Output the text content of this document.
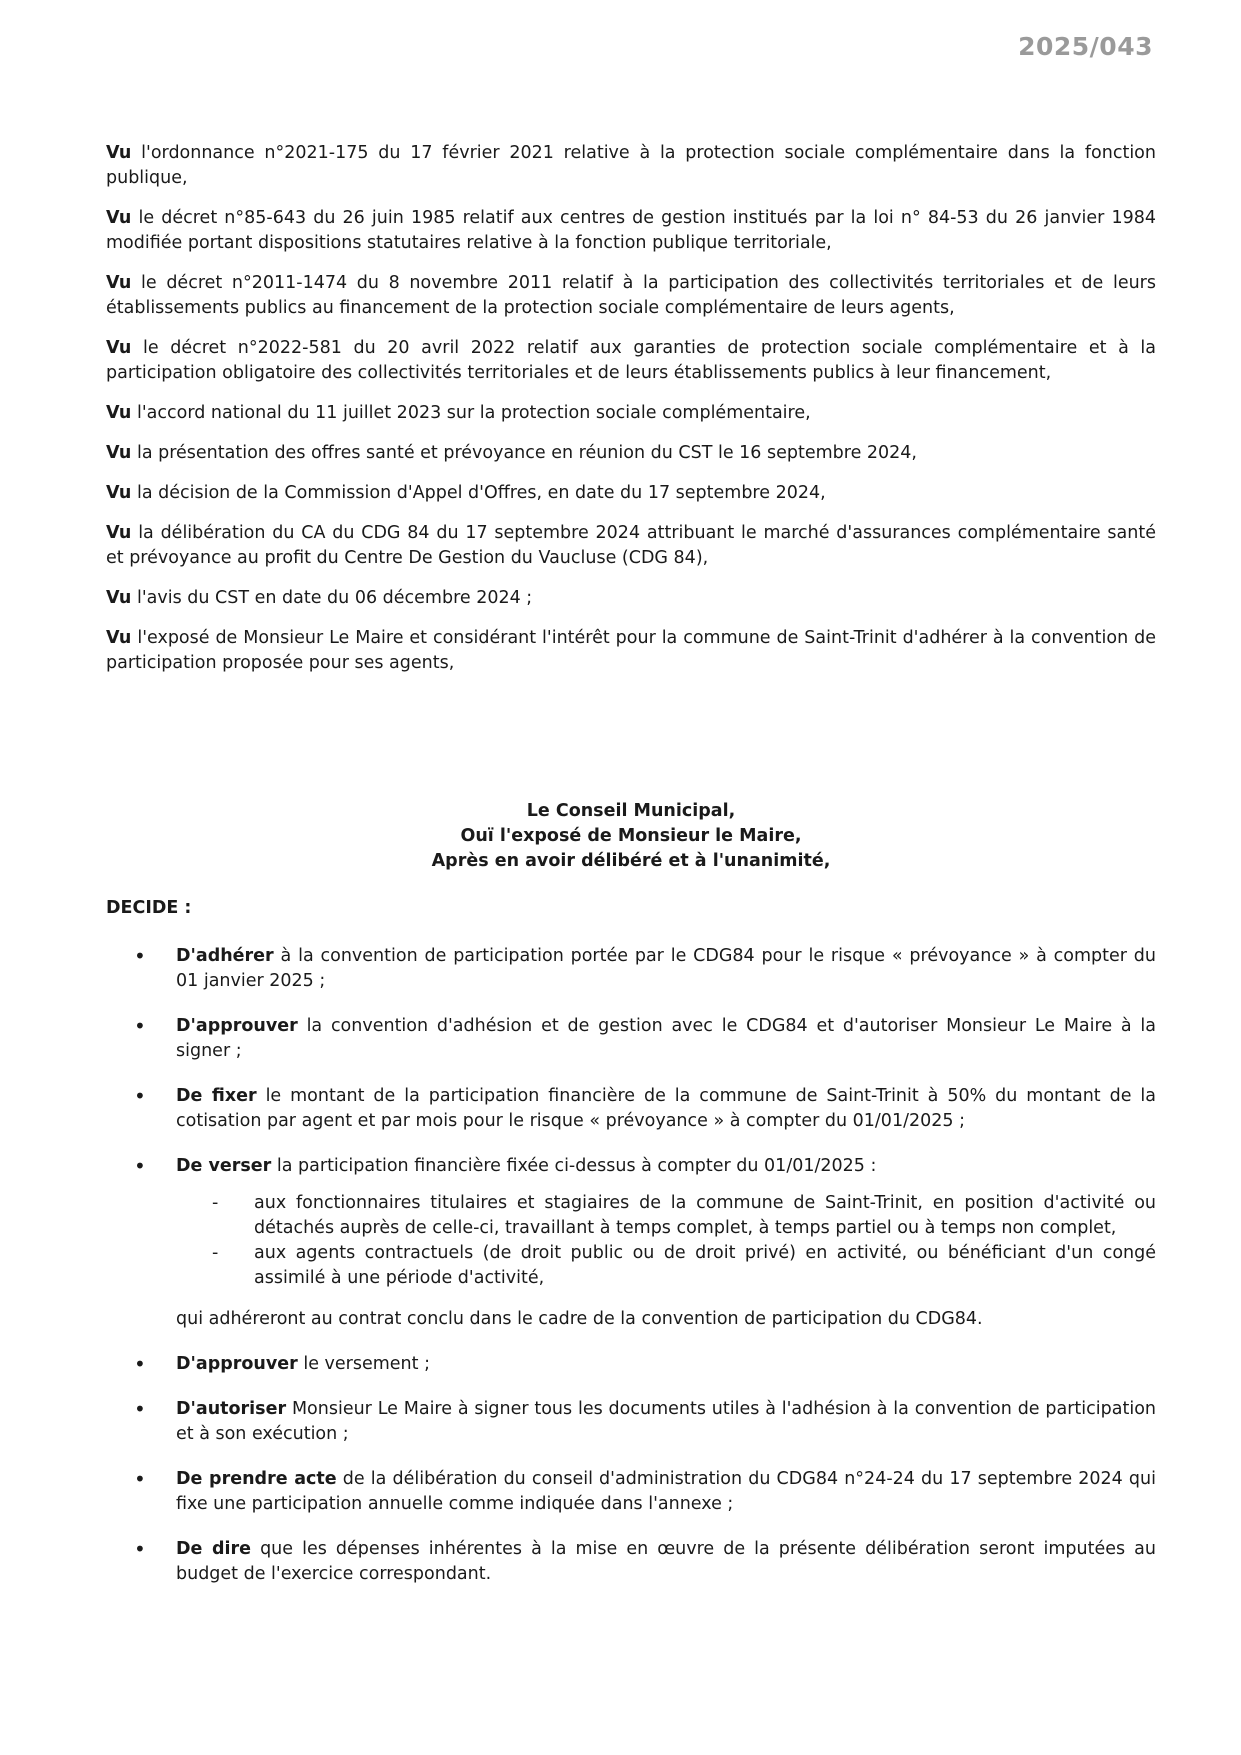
2025/043

Vu l'ordonnance n°2021-175 du 17 février 2021 relative à la protection sociale complémentaire dans la fonction publique,

Vu le décret n°85-643 du 26 juin 1985 relatif aux centres de gestion institués par la loi n° 84-53 du 26 janvier 1984 modifiée portant dispositions statutaires relative à la fonction publique territoriale,

Vu le décret n°2011-1474 du 8 novembre 2011 relatif à la participation des collectivités territoriales et de leurs établissements publics au financement de la protection sociale complémentaire de leurs agents,

Vu le décret n°2022-581 du 20 avril 2022 relatif aux garanties de protection sociale complémentaire et à la participation obligatoire des collectivités territoriales et de leurs établissements publics à leur financement,

Vu l'accord national du 11 juillet 2023 sur la protection sociale complémentaire,

Vu la présentation des offres santé et prévoyance en réunion du CST le 16 septembre 2024,

Vu la décision de la Commission d'Appel d'Offres, en date du 17 septembre 2024,

Vu la délibération du CA du CDG 84 du 17 septembre 2024 attribuant le marché d'assurances complémentaire santé et prévoyance au profit du Centre De Gestion du Vaucluse (CDG 84),

Vu l'avis du CST en date du 06 décembre 2024 ;

Vu l'exposé de Monsieur Le Maire et considérant l'intérêt pour la commune de Saint-Trinit d'adhérer à la convention de participation proposée pour ses agents,

Le Conseil Municipal,
Ouï l'exposé de Monsieur le Maire,
Après en avoir délibéré et à l'unanimité,
DECIDE :
• D'adhérer à la convention de participation portée par le CDG84 pour le risque « prévoyance » à compter du 01 janvier 2025 ;
• D'approuver la convention d'adhésion et de gestion avec le CDG84 et d'autoriser Monsieur Le Maire à la signer ;
• De fixer le montant de la participation financière de la commune de Saint-Trinit à 50% du montant de la cotisation par agent et par mois pour le risque « prévoyance » à compter du 01/01/2025 ;
• De verser la participation financière fixée ci-dessus à compter du 01/01/2025 :
- aux fonctionnaires titulaires et stagiaires de la commune de Saint-Trinit, en position d'activité ou détachés auprès de celle-ci, travaillant à temps complet, à temps partiel ou à temps non complet,
- aux agents contractuels (de droit public ou de droit privé) en activité, ou bénéficiant d'un congé assimilé à une période d'activité,
qui adhéreront au contrat conclu dans le cadre de la convention de participation du CDG84.
• D'approuver le versement ;
• D'autoriser Monsieur Le Maire à signer tous les documents utiles à l'adhésion à la convention de participation et à son exécution ;
• De prendre acte de la délibération du conseil d'administration du CDG84 n°24-24 du 17 septembre 2024 qui fixe une participation annuelle comme indiquée dans l'annexe ;
• De dire que les dépenses inhérentes à la mise en œuvre de la présente délibération seront imputées au budget de l'exercice correspondant.
